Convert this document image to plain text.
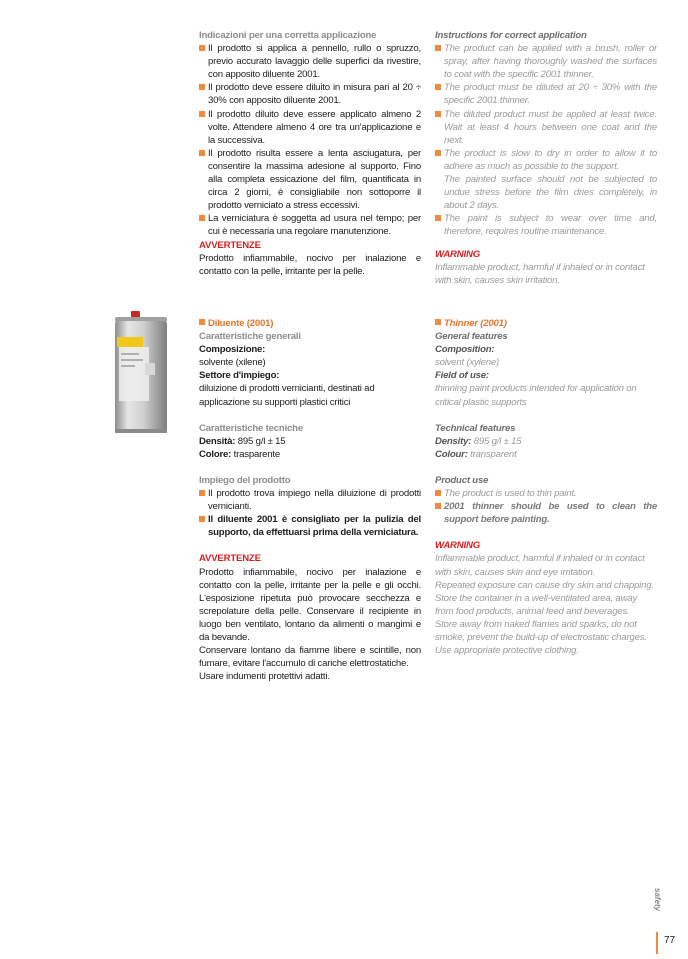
Indicazioni per una corretta applicazione

Il prodotto si applica a pennello, rullo o spruzzo, previo accurato lavaggio delle superfici da rivestire, con apposito diluente 2001.
Il prodotto deve essere diluito in misura pari al 20 ÷ 30% con apposito diluente 2001.
Il prodotto diluito deve essere applicato almeno 2 volte. Attendere almeno 4 ore tra un'applicazione e la successiva.
Il prodotto risulta essere a lenta asciugatura, per consentire la massima adesione al supporto. Fino alla completa essicazione del film, quantificata in circa 2 giorni, è consigliabile non sottoporre il prodotto verniciato a stress eccessivi.
La verniciatura è soggetta ad usura nel tempo; per cui è necessaria una regolare manutenzione.

AVVERTENZE

Prodotto infiammabile, nocivo per inalazione e contatto con la pelle, irritante per la pelle.

Instructions for correct application

The product can be applied with a brush, roller or spray, after having thoroughly washed the surfaces to coat with the specific 2001 thinner.
The product must be diluted at 20 ÷ 30% with the specific 2001 thinner.
The diluted product must be applied at least twice. Wait at least 4 hours between one coat and the next.
The product is slow to dry in order to allow it to adhere as much as possible to the support.
The painted surface should not be subjected to undue stress before the film dries completely, in about 2 days.
The paint is subject to wear over time and, therefore, requires routine maintenance.

WARNING

Inflammable product, harmful if inhaled or in contact with skin, causes skin irritation.

Diluente (2001)

Caratteristiche generali

Composizione:

solvente (xilene)

Settore d'impiego:

diluizione di prodotti vernicianti, destinati ad applicazione su supporti plastici critici

Caratteristiche tecniche

Densità: 895 g/l ± 15

Colore: trasparente

Impiego del prodotto

Il prodotto trova impiego nella diluizione di prodotti vernicianti.
Il diluente 2001 è consigliato per la pulizia del supporto, da effettuarsi prima della verniciatura.

AVVERTENZE

Prodotto infiammabile, nocivo per inalazione e contatto con la pelle, irritante per la pelle e gli occhi. L'esposizione ripetuta può provocare secchezza e screpolature della pelle. Conservare il recipiente in luogo ben ventilato, lontano da alimenti o mangimi e da bevande.

Conservare lontano da fiamme libere e scintille, non fumare, evitare l'accumulo di cariche elettrostatiche.

Usare indumenti protettivi adatti.

Thinner (2001)

General features

Composition:

solvent (xylene)

Field of use:

thinning paint products intended for application on critical plastic supports

Technical features

Density: 895 g/l ± 15

Colour: transparent

Product use

The product is used to thin paint.
2001 thinner should be used to clean the support before painting.

WARNING

Inflammable product, harmful if inhaled or in contact with skin, causes skin and eye irritation.

Repeated exposure can cause dry skin and chapping.

Store the container in a well-ventilated area, away from food products, animal feed and beverages.

Store away from naked flames and sparks, do not smoke, prevent the build-up of electrostatic charges.

Use appropriate protective clothing.

safety
77
